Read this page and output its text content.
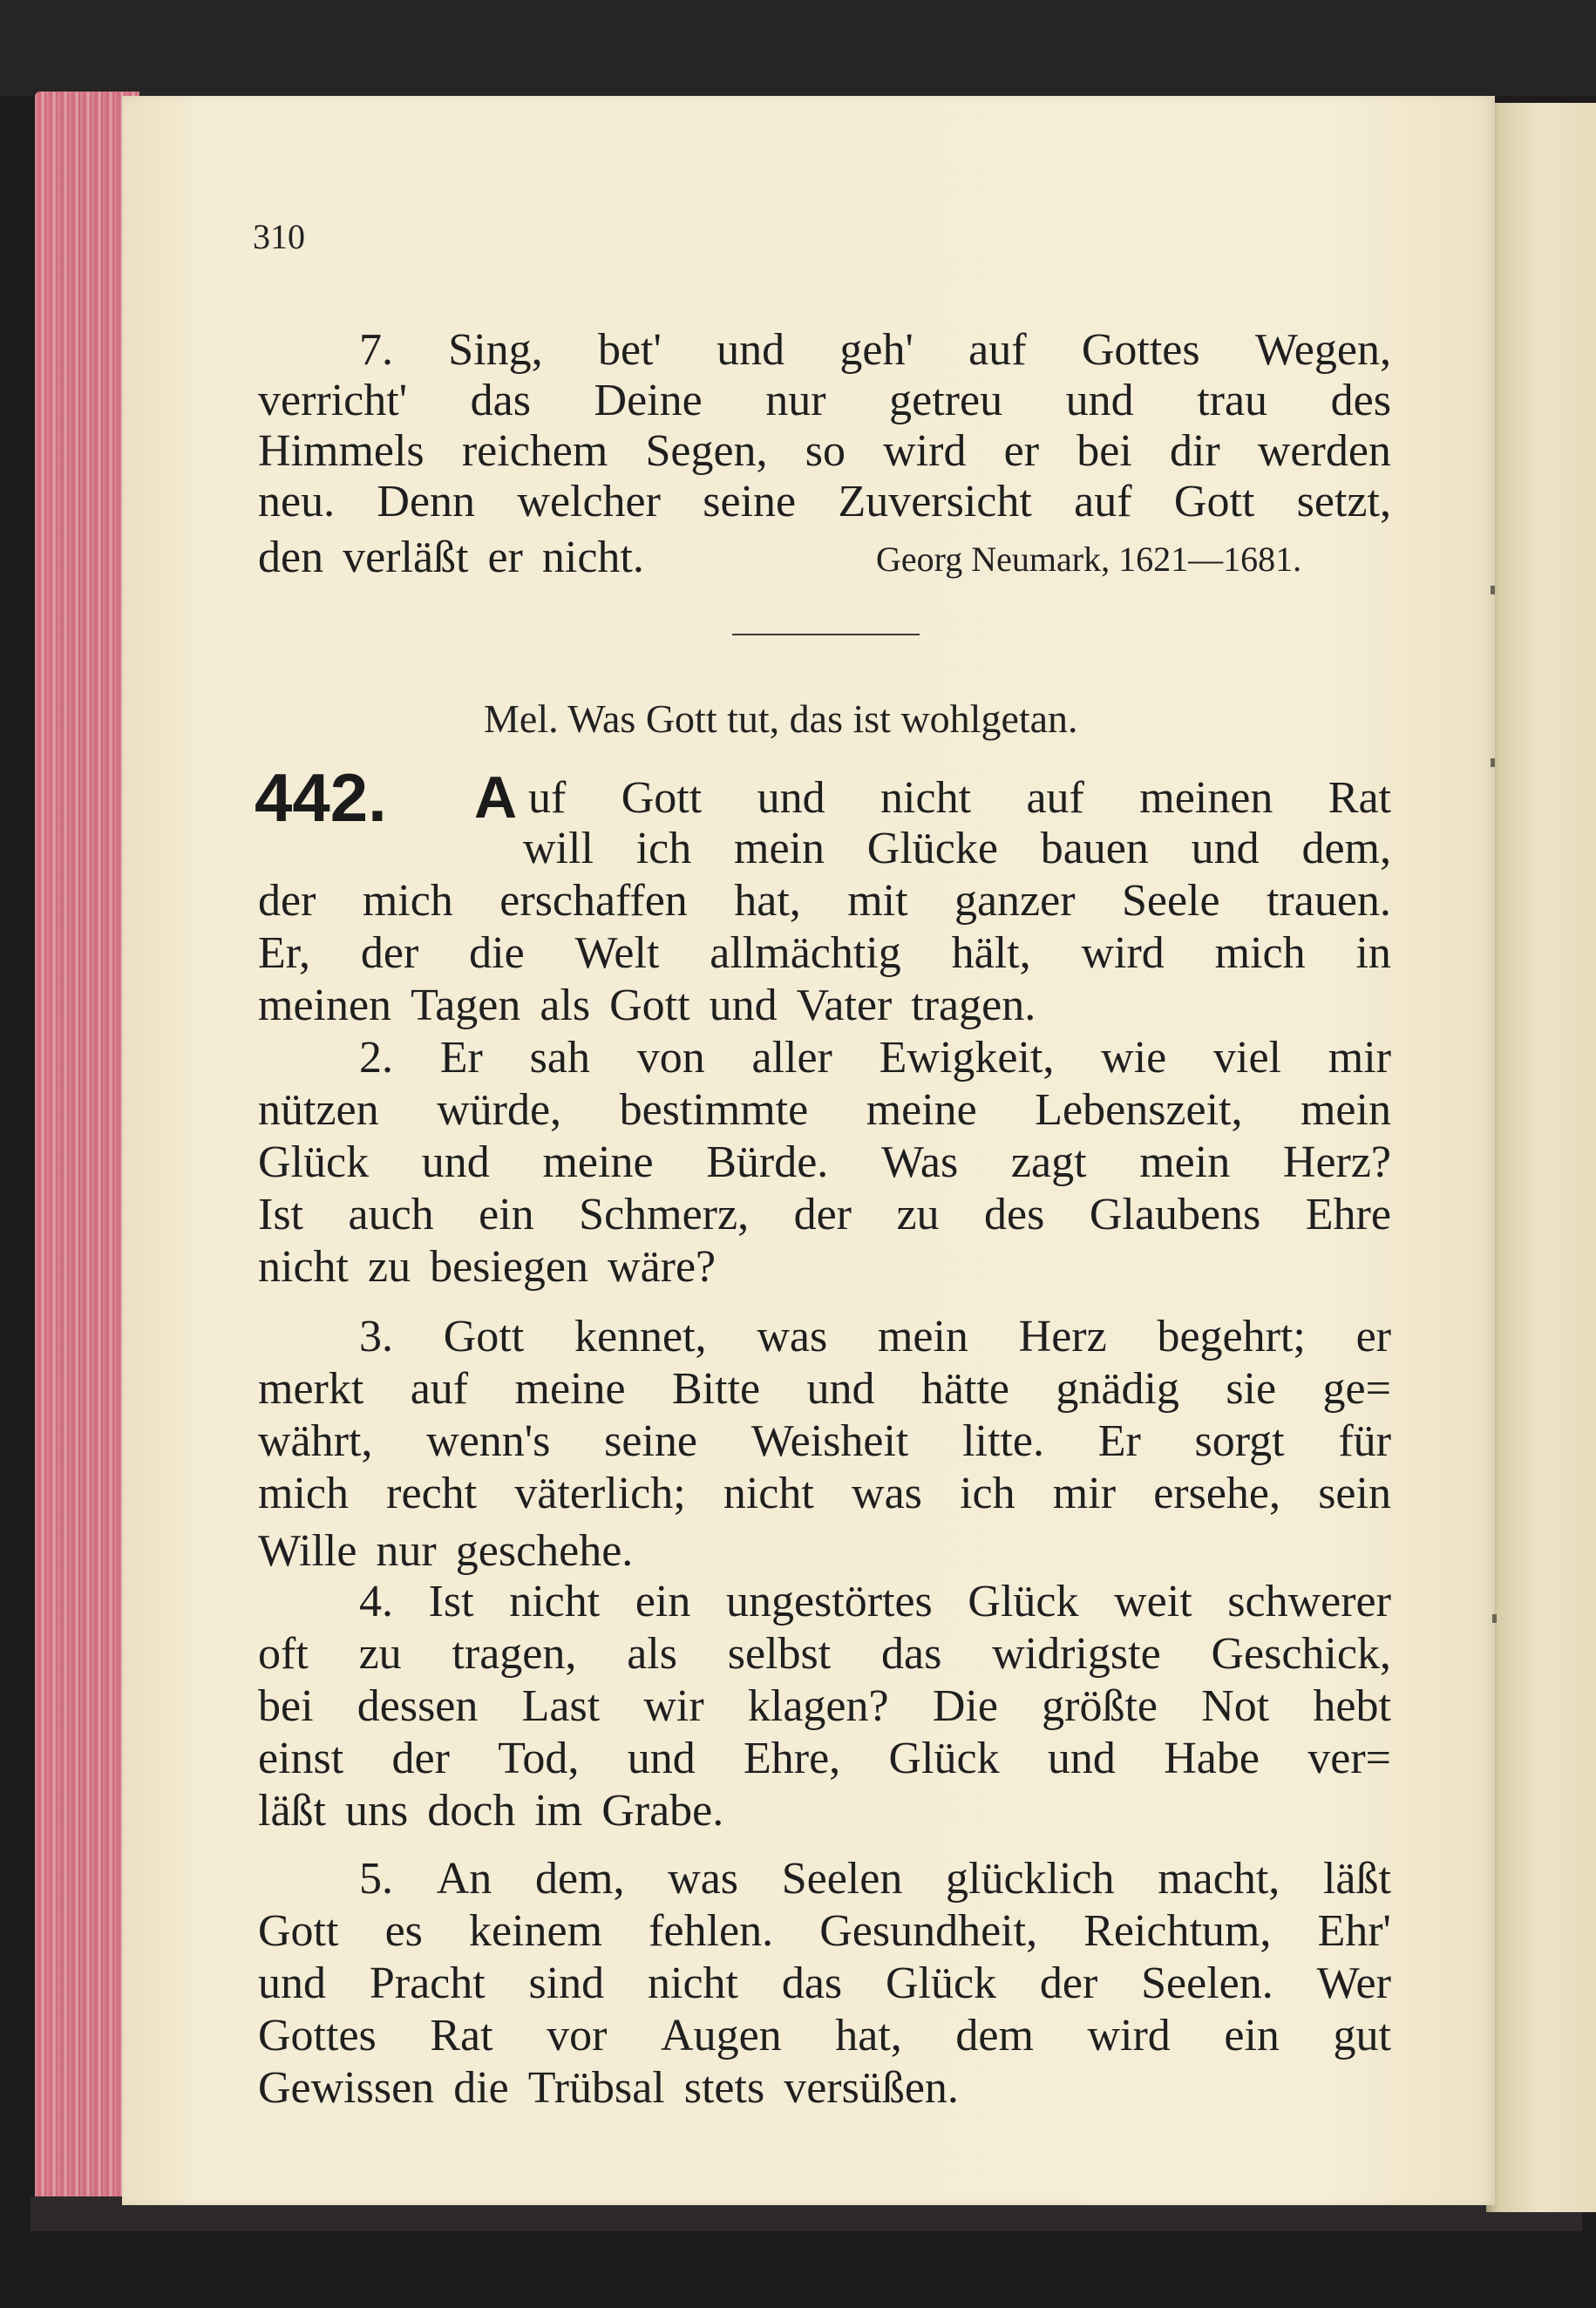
310
7. Sing, bet' und geh' auf Gottes Wegen,
verricht' das Deine nur getreu und trau des
Himmels reichem Segen, so wird er bei dir werden
neu. Denn welcher seine Zuversicht auf Gott setzt,
den verläßt er nicht.	Georg Neumark, 1621—1681.
Mel. Was Gott tut, das ist wohlgetan.
442. A uf Gott und nicht auf meinen Rat
will ich mein Glücke bauen und dem,
der mich erschaffen hat, mit ganzer Seele trauen.
Er, der die Welt allmächtig hält, wird mich in
meinen Tagen als Gott und Vater tragen.
2. Er sah von aller Ewigkeit, wie viel mir
nützen würde, bestimmte meine Lebenszeit, mein
Glück und meine Bürde. Was zagt mein Herz?
Ist auch ein Schmerz, der zu des Glaubens Ehre
nicht zu besiegen wäre?
3. Gott kennet, was mein Herz begehrt; er
merkt auf meine Bitte und hätte gnädig sie ge=
währt, wenn's seine Weisheit litte. Er sorgt für
mich recht väterlich; nicht was ich mir ersehe, sein
Wille nur geschehe.
4. Ist nicht ein ungestörtes Glück weit schwerer
oft zu tragen, als selbst das widrigste Geschick,
bei dessen Last wir klagen? Die größte Not hebt
einst der Tod, und Ehre, Glück und Habe ver=
läßt uns doch im Grabe.
5. An dem, was Seelen glücklich macht, läßt
Gott es keinem fehlen. Gesundheit, Reichtum, Ehr'
und Pracht sind nicht das Glück der Seelen. Wer
Gottes Rat vor Augen hat, dem wird ein gut
Gewissen die Trübsal stets versüßen.
